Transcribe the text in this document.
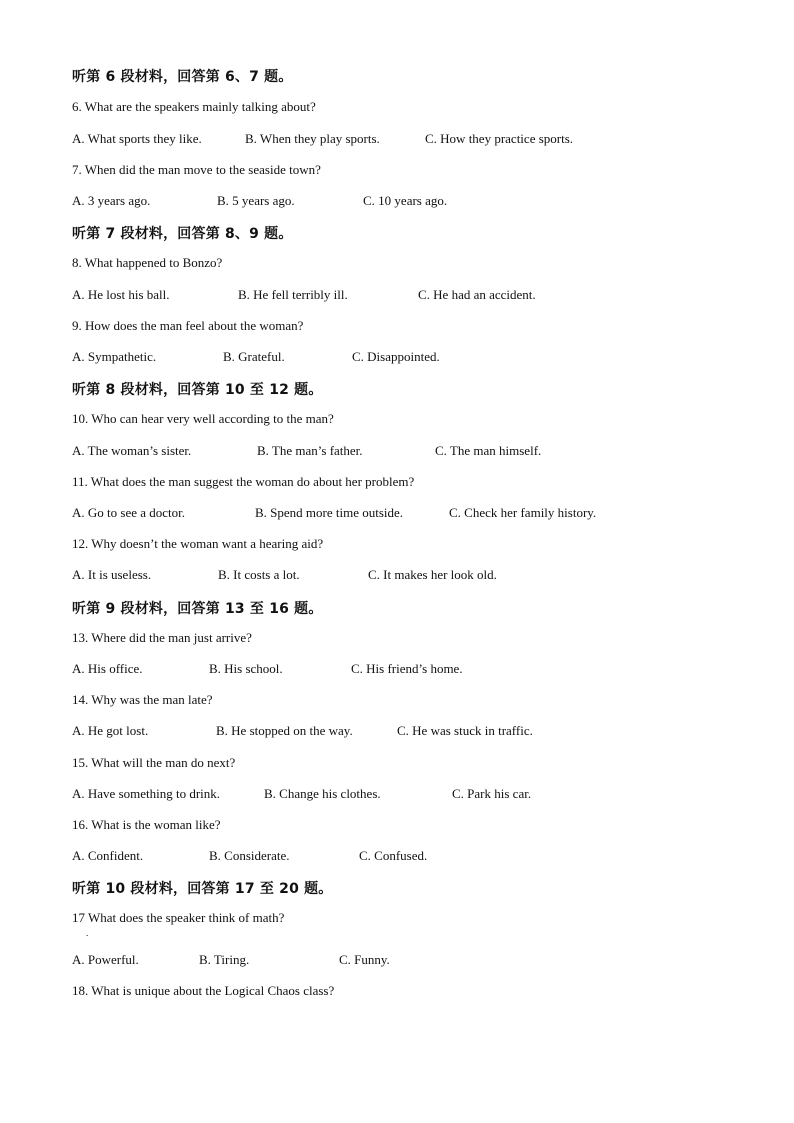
听第 6 段材料，回答第 6、7 题。
6. What are the speakers mainly talking about?
A. What sports they like.	B. When they play sports.	C. How they practice sports.
7. When did the man move to the seaside town?
A. 3 years ago.	B. 5 years ago.	C. 10 years ago.
听第 7 段材料，回答第 8、9 题。
8. What happened to Bonzo?
A. He lost his ball.	B. He fell terribly ill.	C. He had an accident.
9. How does the man feel about the woman?
A. Sympathetic.	B. Grateful.	C. Disappointed.
听第 8 段材料，回答第 10 至 12 题。
10. Who can hear very well according to the man?
A. The woman’s sister.	B. The man’s father.	C. The man himself.
11. What does the man suggest the woman do about her problem?
A. Go to see a doctor.	B. Spend more time outside.	C. Check her family history.
12. Why doesn’t the woman want a hearing aid?
A. It is useless.	B. It costs a lot.	C. It makes her look old.
听第 9 段材料，回答第 13 至 16 题。
13. Where did the man just arrive?
A. His office.	B. His school.	C. His friend’s home.
14. Why was the man late?
A. He got lost.	B. He stopped on the way.	C. He was stuck in traffic.
15. What will the man do next?
A. Have something to drink.	B. Change his clothes.	C. Park his car.
16. What is the woman like?
A. Confident.	B. Considerate.	C. Confused.
听第 10 段材料，回答第 17 至 20 题。
17 What does the speaker think of math?
.
A. Powerful.	B. Tiring.	C. Funny.
18. What is unique about the Logical Chaos class?
